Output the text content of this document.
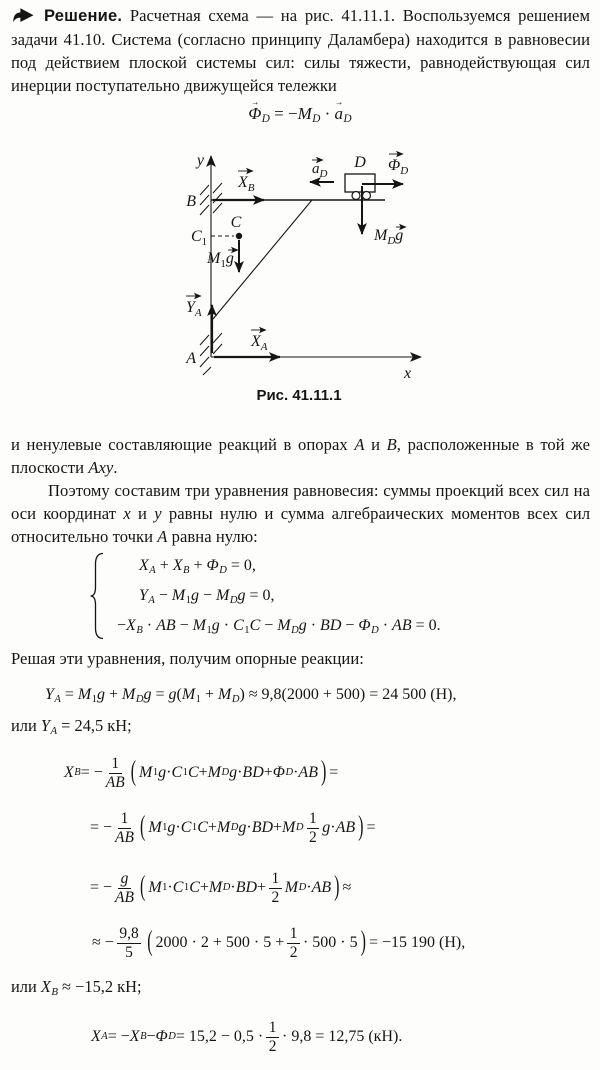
Решение. Расчетная схема — на рис. 41.11.1. Воспользуемся решением задачи 41.10. Система (согласно принципу Даламбера) находится в равновесии под действием плоской системы сил: силы тяжести, равнодействующая сил инерции поступательно движущейся тележки
$\Phi \to_D = -M_D \cdot a \to_D$
y
x
B
$X_B$
$a_D$
D $\Phi_D$
$M_Dg$
$C_1$
C
$M_1g$
$Y_A$
A
$X_A$
Рис. 41.11.1
и ненулевые составляющие реакций в опорах A и B, расположенные в той же плоскости Axy.
Поэтому составим три уравнения равновесия: суммы проекций всех сил на оси координат x и y равны нулю и сумма алгебраических моментов всех сил относительно точки A равна нулю:
$X_A + X_B + \Phi_D = 0$,
$Y_A - M_1g - M_Dg = 0$,
$-X_B$ · AB − $M_1g \cdot C_1C - M_Dg$ · BD − $\Phi_D$ · AB = 0.
Решая эти уравнения, получим опорные реакции:
$Y_A = M_1g + M_Dg = g(M_1 + M_D) \approx 9,8(2000 + 500) = 24$ 500 (Н),
или $Y_A = 24,5$ кН;
X B = − $\frac{1}{AB}$ ( M 1 g · C 1 C + M D g · BD + Φ D · AB ) =
= − $\frac{1}{AB}$ ( M 1 g · C 1 C + M D g · BD + M D $\frac{1}{2}$ g · AB ) =
= − $\frac{g}{AB}$ ( M 1 · C 1 C + M D · BD + $\frac{1}{2}$ M D · AB ) ≈
≈ − $\frac{9,8}{5}$ ( $2000 \cdot 2 + 500 \cdot 5 + \frac{1}{2} \cdot 500 \cdot 5$ ) = −15 190 (Н),
или $X_B \approx -15,2$ кН;
X A = − X B − Φ $D = 15,2 - 0,5 \cdot \frac{1}{2} \cdot 9,8 = 12,75$ (кН).
